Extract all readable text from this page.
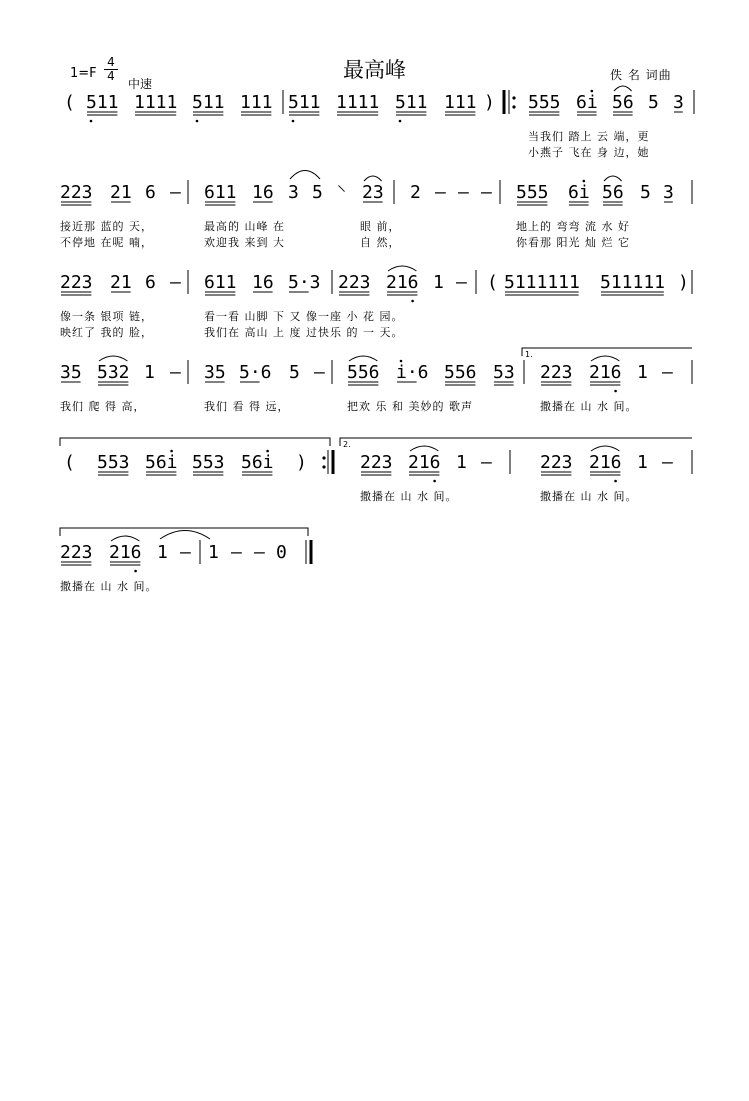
最高峰
1=F
4
4
中速
佚 名 词曲
1.
2.
( 511 1111 511 111 511 1111 511 111 ) 555 6i 56 5 3
223 21 6 – 611 16 3 5 ⸌ 23 2 – – – 555 6i 56 5 3
223 21 6 – 611 16 5·3 223 216 1 – ( 5111111 511111 )
35 532 1 – 35 5·6 5 – 556 i·6 556 53 223 216 1 –
( 553 56i 553 56i )	223 216 1 –	223 216 1 –
223 216 1 – 1 – – 0
当我们 踏上 云 端，更
小燕子 飞在 身 边，她
接近那 蓝的 天，	最高的 山峰 在	眼 前，	地上的 弯弯 流 水 好
不停地 在呢 喃，	欢迎我 来到 大	自 然，	你看那 阳光 灿 烂 它
像一条 银项 链，	看一看 山脚 下 又 像一座 小 花 园。
映红了 我的 脸，	我们在 高山 上 度 过快乐 的 一 天。
我们 爬 得 高，	我们 看 得 远，	把欢 乐 和 美妙的 歌声	撒播在 山 水 间。
撒播在 山 水 间。	撒播在 山 水 间。
撒播在 山 水 间。
